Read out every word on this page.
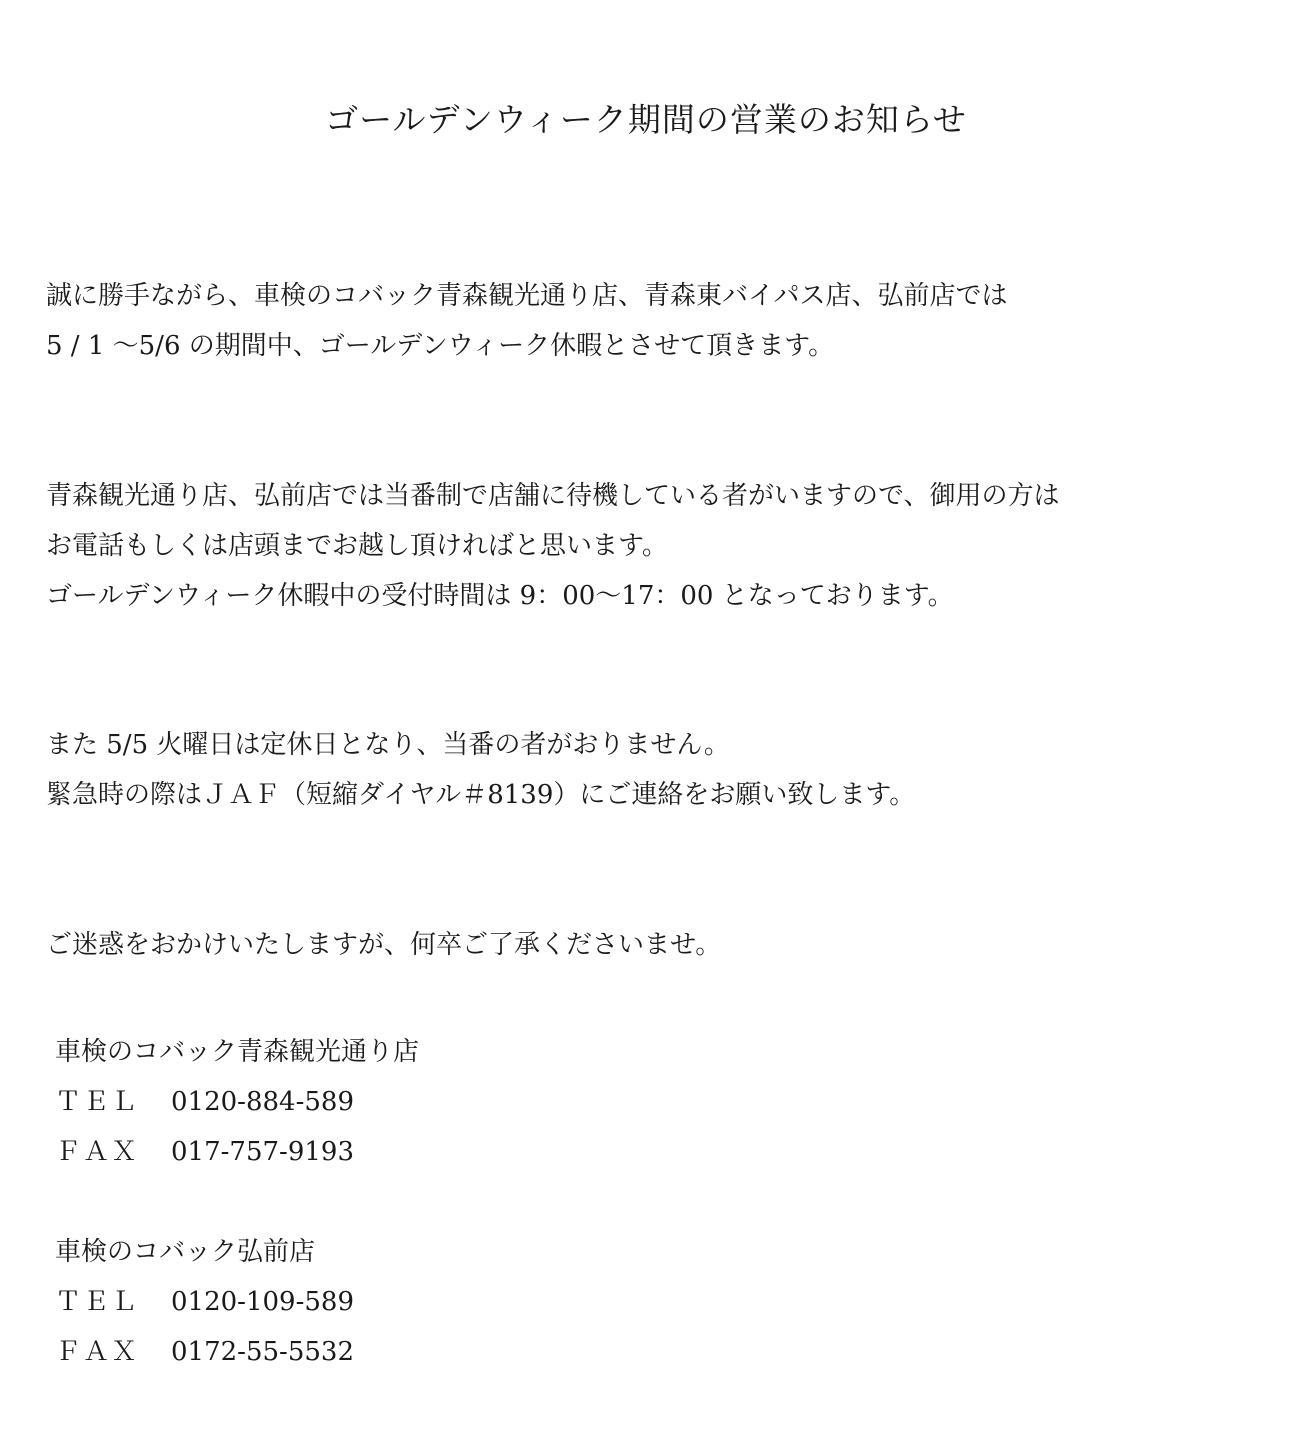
ゴールデンウィーク期間の営業のお知らせ

誠に勝手ながら、車検のコバック青森観光通り店、青森東バイパス店、弘前店では
5 / 1 ～5/6 の期間中、ゴールデンウィーク休暇とさせて頂きます。

青森観光通り店、弘前店では当番制で店舗に待機している者がいますので、御用の方は
お電話もしくは店頭までお越し頂ければと思います。
ゴールデンウィーク休暇中の受付時間は 9：00～17：00 となっております。

また 5/5 火曜日は定休日となり、当番の者がおりません。
緊急時の際はＪＡＦ（短縮ダイヤル＃8139）にご連絡をお願い致します。

ご迷惑をおかけいたしますが、何卒ご了承くださいませ。

車検のコバック青森観光通り店
ＴＥＬ 0120-884-589
ＦＡＸ 017-757-9193
車検のコバック弘前店
ＴＥＬ 0120-109-589
ＦＡＸ 0172-55-5532
